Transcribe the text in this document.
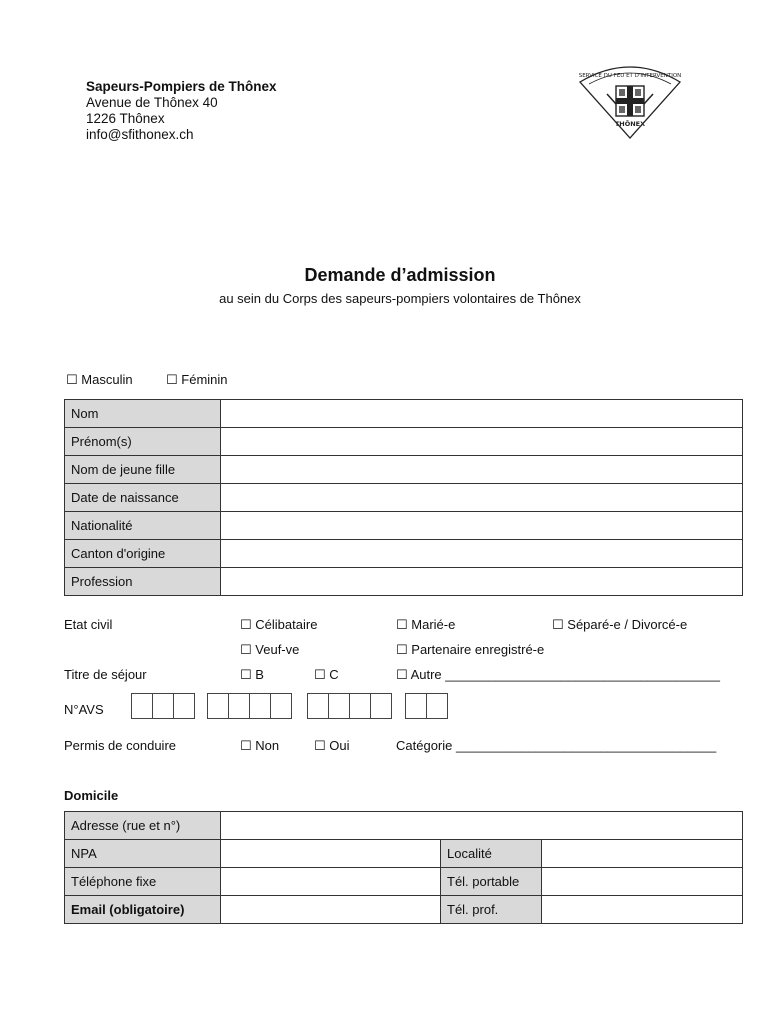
Sapeurs-Pompiers de Thônex
Avenue de Thônex 40
1226 Thônex
info@sfithonex.ch
SERVICE DU FEU ET D'INTERVENTION
THÔNEX
Demande d’admission
au sein du Corps des sapeurs-pompiers volontaires de Thônex
☐ Masculin	☐ Féminin
Nom	
Prénom(s)	
Nom de jeune fille	
Date de naissance	
Nationalité	
Canton d'origine	
Profession	
Etat civil	☐ Célibataire	☐ Marié-e	☐ Séparé-e / Divorcé-e
☐ Veuf-ve	☐ Partenaire enregistré-e
Titre de séjour	☐ B	☐ C	☐ Autre ______________________________________
N°AVS
Permis de conduire	☐ Non	☐ Oui	Catégorie ____________________________________
Domicile
Adresse (rue et n°)			
NPA		Localité	
Téléphone fixe		Tél. portable	
Email (obligatoire)		Tél. prof.	
